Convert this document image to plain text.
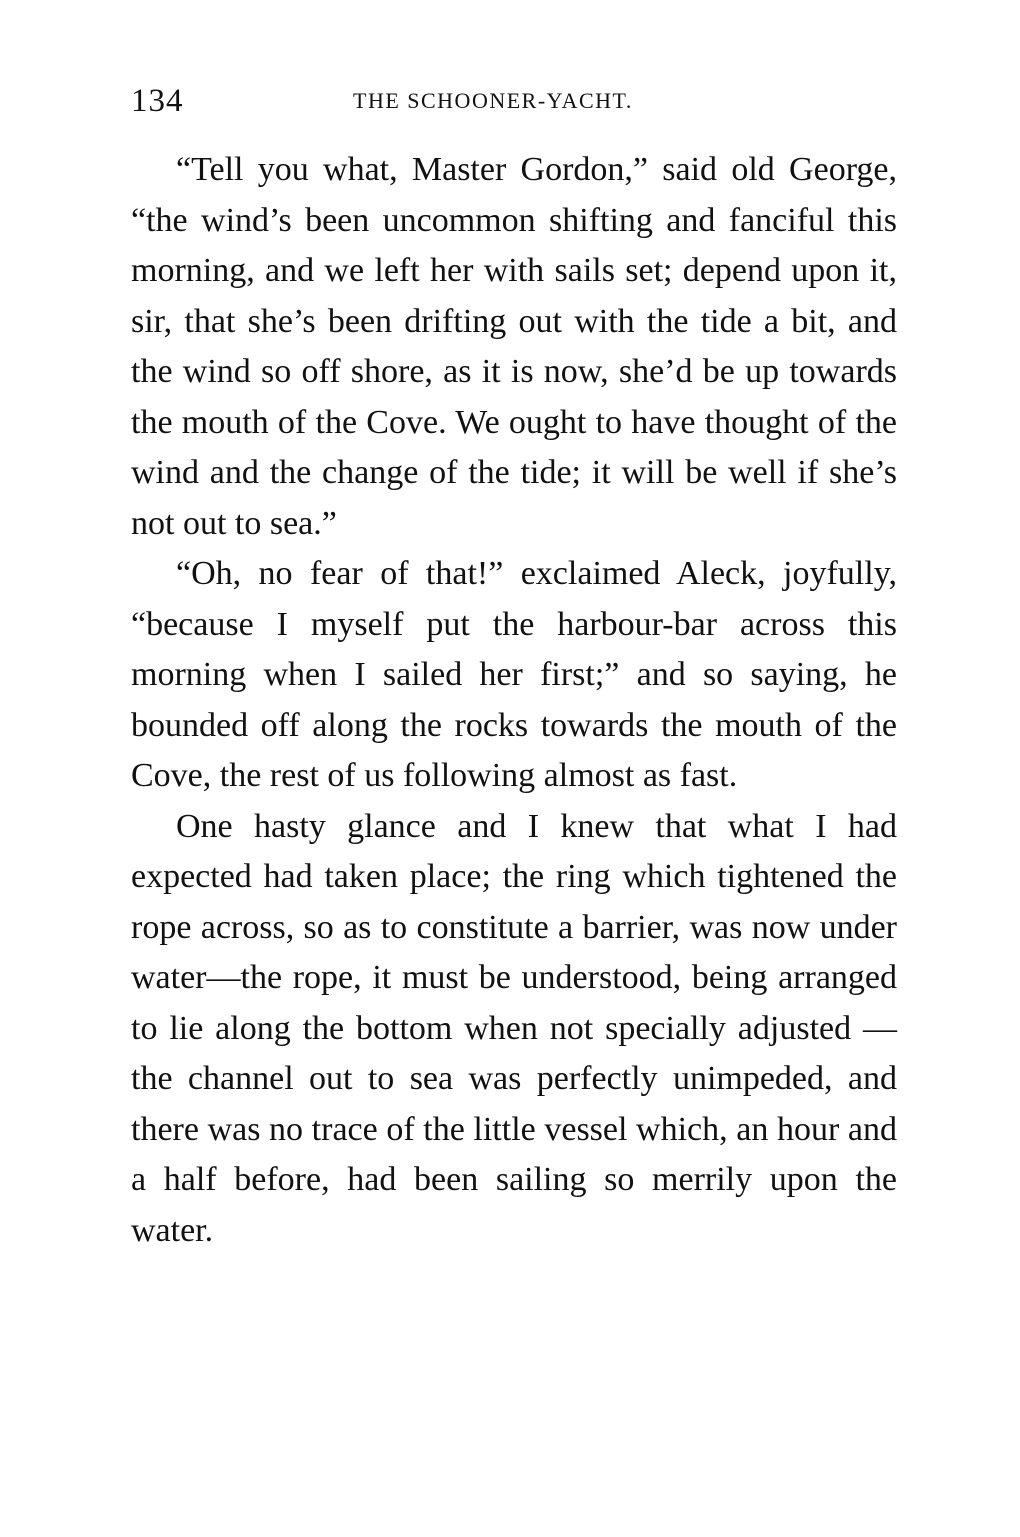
134	THE SCHOONER-YACHT.

“Tell you what, Master Gordon,” said old George, “the wind’s been uncommon shifting and fanciful this morning, and we left her with sails set; depend upon it, sir, that she’s been drifting out with the tide a bit, and the wind so off shore, as it is now, she’d be up towards the mouth of the Cove. We ought to have thought of the wind and the change of the tide; it will be well if she’s not out to sea.”

“Oh, no fear of that!” exclaimed Aleck, joyfully, “because I myself put the harbour-bar across this morning when I sailed her first;” and so saying, he bounded off along the rocks towards the mouth of the Cove, the rest of us following almost as fast.

One hasty glance and I knew that what I had expected had taken place; the ring which tightened the rope across, so as to constitute a barrier, was now under water—the rope, it must be understood, being arranged to lie along the bottom when not specially adjusted —the channel out to sea was perfectly unimpeded, and there was no trace of the little vessel which, an hour and a half before, had been sailing so merrily upon the water.
